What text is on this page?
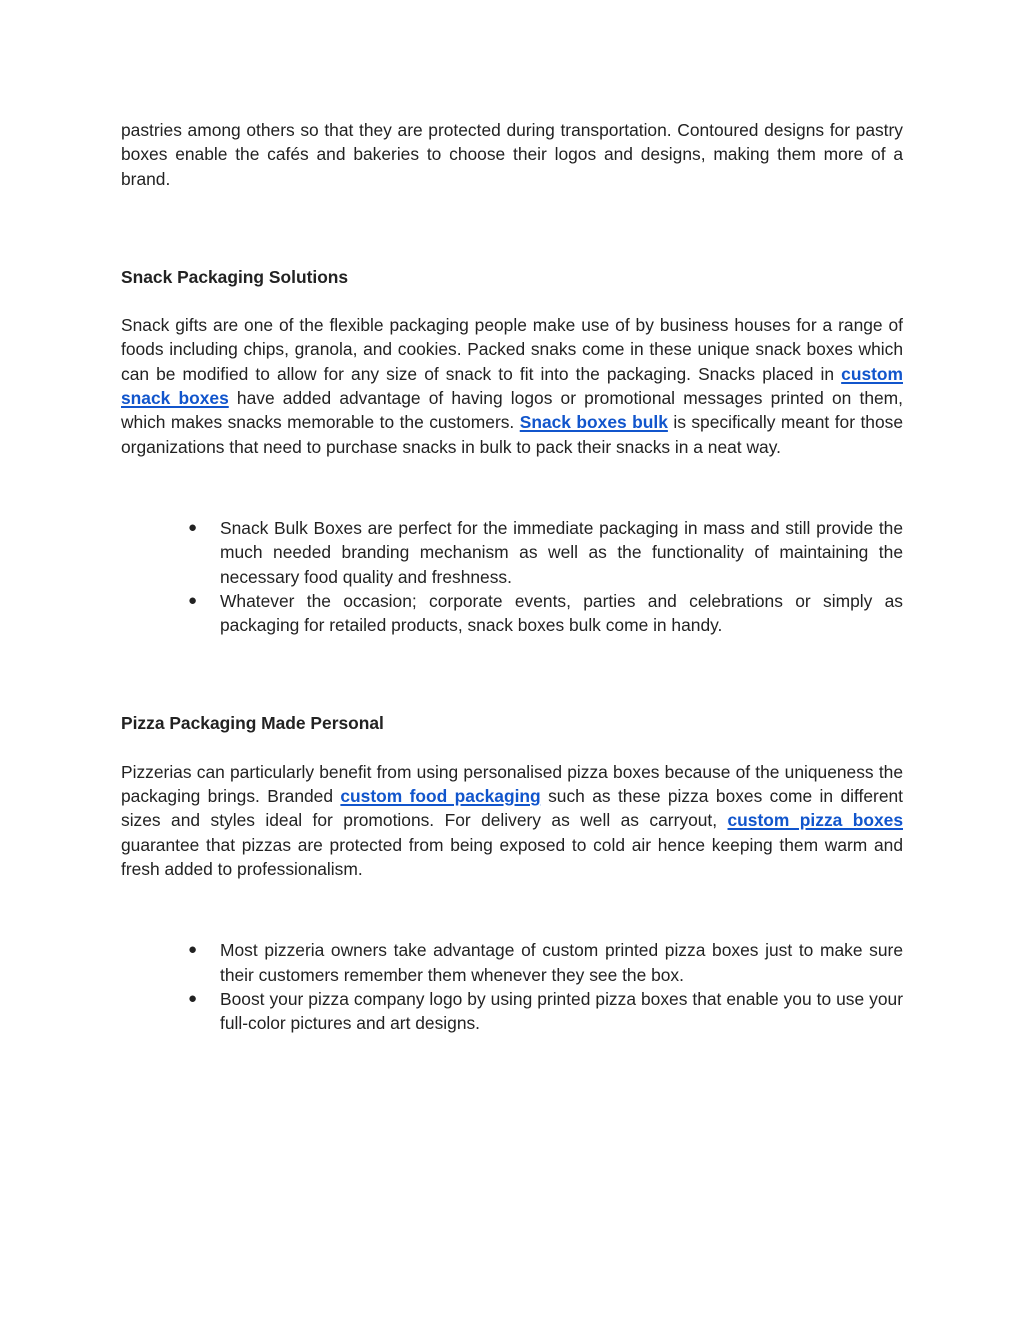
pastries among others so that they are protected during transportation. Contoured designs for pastry boxes enable the cafés and bakeries to choose their logos and designs, making them more of a brand.

Snack Packaging Solutions

Snack gifts are one of the flexible packaging people make use of by business houses for a range of foods including chips, granola, and cookies. Packed snaks come in these unique snack boxes which can be modified to allow for any size of snack to fit into the packaging. Snacks placed in custom snack boxes have added advantage of having logos or promotional messages printed on them, which makes snacks memorable to the customers. Snack boxes bulk is specifically meant for those organizations that need to purchase snacks in bulk to pack their snacks in a neat way.

● Snack Bulk Boxes are perfect for the immediate packaging in mass and still provide the much needed branding mechanism as well as the functionality of maintaining the necessary food quality and freshness.
● Whatever the occasion; corporate events, parties and celebrations or simply as packaging for retailed products, snack boxes bulk come in handy.
Pizza Packaging Made Personal

Pizzerias can particularly benefit from using personalised pizza boxes because of the uniqueness the packaging brings. Branded custom food packaging such as these pizza boxes come in different sizes and styles ideal for promotions. For delivery as well as carryout, custom pizza boxes guarantee that pizzas are protected from being exposed to cold air hence keeping them warm and fresh added to professionalism.

● Most pizzeria owners take advantage of custom printed pizza boxes just to make sure their customers remember them whenever they see the box.
● Boost your pizza company logo by using printed pizza boxes that enable you to use your full-color pictures and art designs.
